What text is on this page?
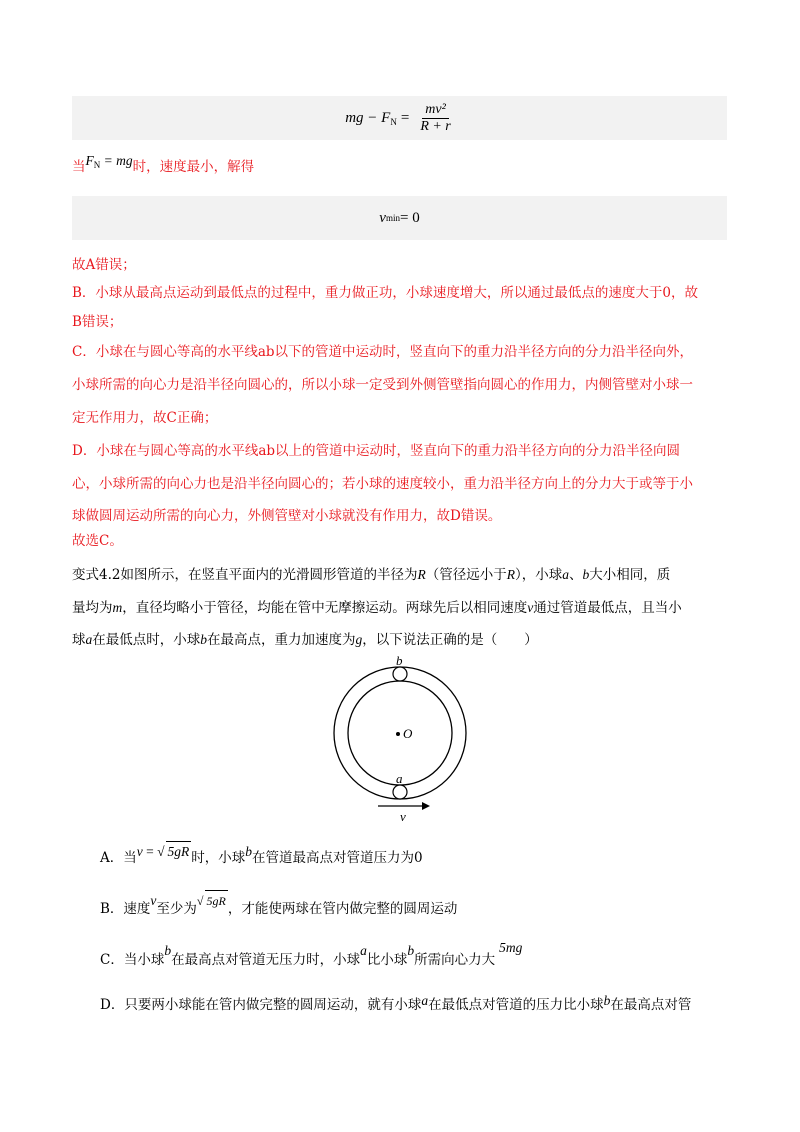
mg − $F_N = \frac{\text{mv²}}{R + r}$
当$F_N$ = mg时，速度最小，解得
v min = 0
故A错误；
B．小球从最高点运动到最低点的过程中，重力做正功，小球速度增大，所以通过最低点的速度大于0，故
B错误；
C．小球在与圆心等高的水平线ab以下的管道中运动时，竖直向下的重力沿半径方向的分力沿半径向外，
小球所需的向心力是沿半径向圆心的，所以小球一定受到外侧管壁指向圆心的作用力，内侧管壁对小球一
定无作用力，故C正确；
D．小球在与圆心等高的水平线ab以上的管道中运动时，竖直向下的重力沿半径方向的分力沿半径向圆
心，小球所需的向心力也是沿半径向圆心的；若小球的速度较小，重力沿半径方向上的分力大于或等于小
球做圆周运动所需的向心力，外侧管壁对小球就没有作用力，故D错误。
故选C。
变式4.2如图所示，在竖直平面内的光滑圆形管道的半径为R（管径远小于R），小球a、b大小相同，质
量均为m，直径均略小于管径，均能在管中无摩擦运动。两球先后以相同速度v通过管道最低点，且当小
球a在最低点时，小球b在最高点，重力加速度为g，以下说法正确的是（　　）
b
O
a
v
A．当v = √ 5gR 时，小球b在管道最高点对管道压力为0
B．速度v至少为√ 5gR ，才能使两球在管内做完整的圆周运动
C．当小球b在最高点对管道无压力时，小球a比小球b所需向心力大5mg
D．只要两小球能在管内做完整的圆周运动，就有小球a在最低点对管道的压力比小球b在最高点对管
